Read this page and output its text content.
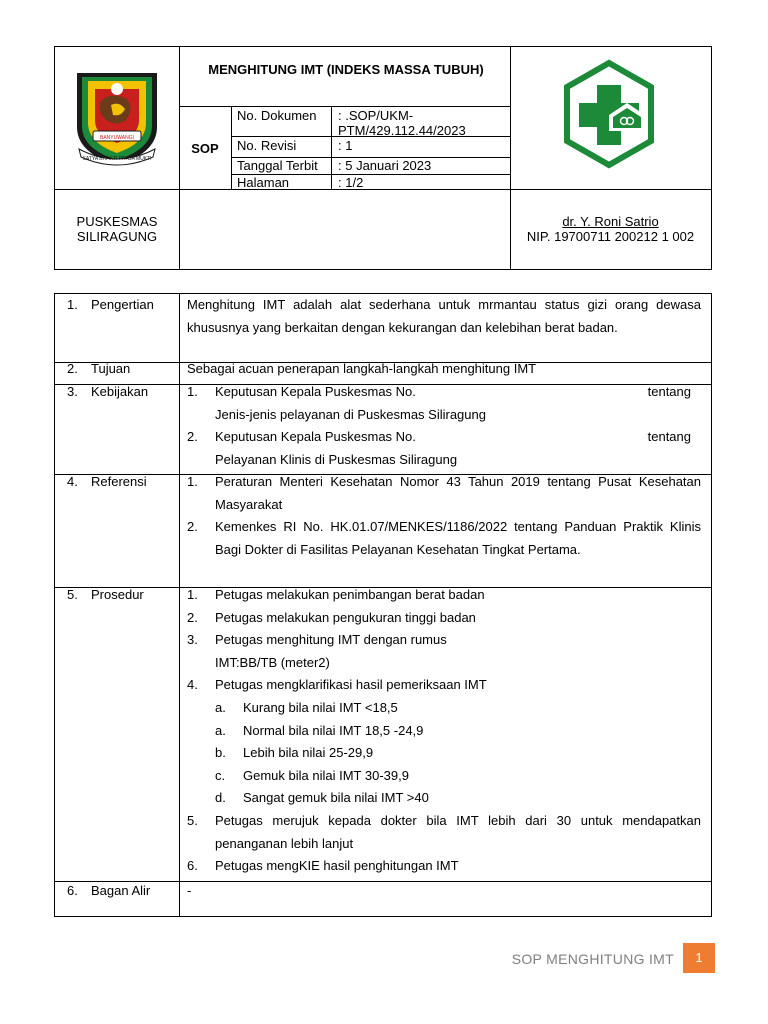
BANYUWANGI
SATYA BHAKTI PRAJA MUKTI
MENGHITUNG IMT (INDEKS MASSA TUBUH)
SOP
No. Dokumen	: .SOP/UKM-PTM/429.112.44/2023
No. Revisi	: 1
Tanggal Terbit	: 5 Januari 2023
Halaman	: 1/2
PUSKESMAS SILIRAGUNG
dr. Y. Roni Satrio
NIP. 19700711 200212 1 002
1. Pengertian	Menghitung IMT adalah alat sederhana untuk mrmantau status gizi orang dewasa khususnya yang berkaitan dengan kekurangan dan kelebihan berat badan.
2. Tujuan	Sebagai acuan penerapan langkah-langkah menghitung IMT
3. Kebijakan	1. Keputusan Kepala Puskesmas No.	tentang
Jenis-jenis pelayanan di Puskesmas Siliragung
2. Keputusan Kepala Puskesmas No.	tentang
Pelayanan Klinis di Puskesmas Siliragung
4. Referensi	1. Peraturan Menteri Kesehatan Nomor 43 Tahun 2019 tentang Pusat Kesehatan Masyarakat
2. Kemenkes RI No. HK.01.07/MENKES/1186/2022 tentang Panduan Praktik Klinis Bagi Dokter di Fasilitas Pelayanan Kesehatan Tingkat Pertama.
5. Prosedur	1. Petugas melakukan penimbangan berat badan
2. Petugas melakukan pengukuran tinggi badan
3. Petugas menghitung IMT dengan rumus
IMT:BB/TB (meter2)
4. Petugas mengklarifikasi hasil pemeriksaan IMT
a. Kurang bila nilai IMT <18,5
a. Normal bila nilai IMT 18,5 -24,9
b. Lebih bila nilai 25-29,9
c. Gemuk bila nilai IMT 30-39,9
d. Sangat gemuk bila nilai IMT >40
5. Petugas merujuk kepada dokter bila IMT lebih dari 30 untuk mendapatkan penanganan lebih lanjut
6. Petugas mengKIE hasil penghitungan IMT
6. Bagan Alir	-
SOP MENGHITUNG IMT	1
